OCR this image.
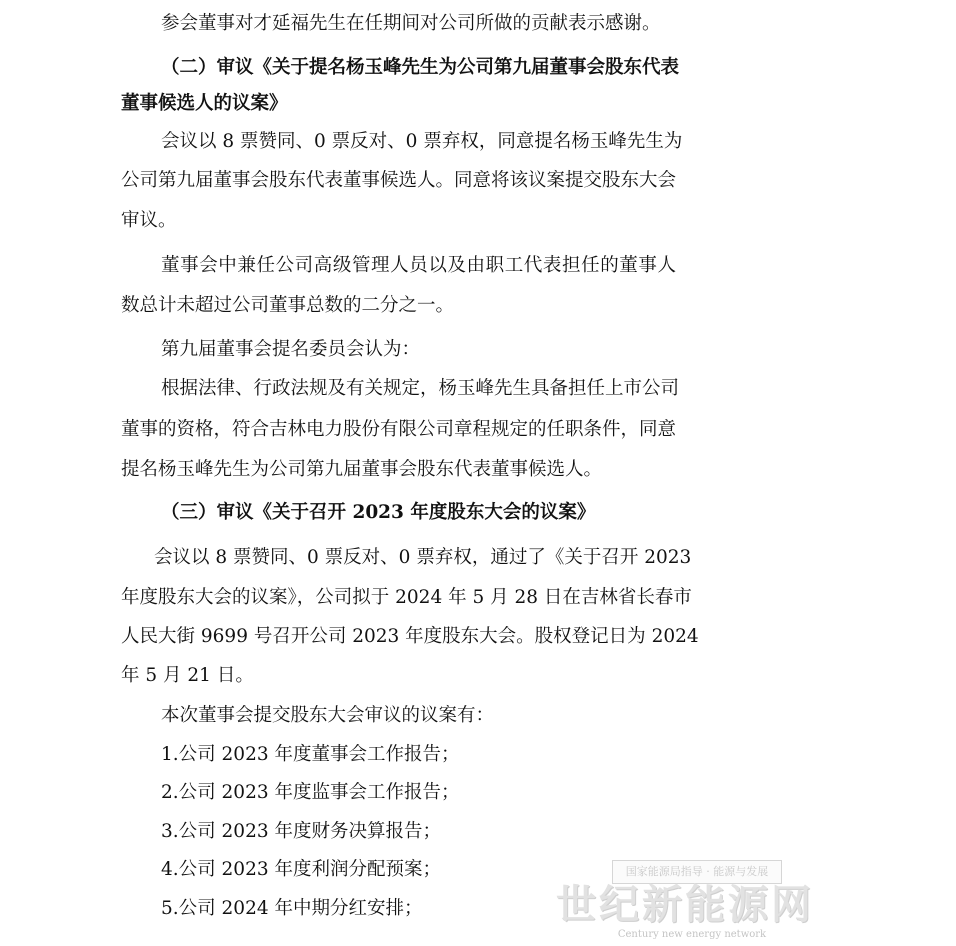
参会董事对才延福先生在任期间对公司所做的贡献表示感谢。

（二）审议《关于提名杨玉峰先生为公司第九届董事会股东代表

董事候选人的议案》

会议以 8 票赞同、0 票反对、0 票弃权，同意提名杨玉峰先生为

公司第九届董事会股东代表董事候选人。同意将该议案提交股东大会

审议。

董事会中兼任公司高级管理人员以及由职工代表担任的董事人

数总计未超过公司董事总数的二分之一。

第九届董事会提名委员会认为：

根据法律、行政法规及有关规定，杨玉峰先生具备担任上市公司

董事的资格，符合吉林电力股份有限公司章程规定的任职条件，同意

提名杨玉峰先生为公司第九届董事会股东代表董事候选人。

（三）审议《关于召开 2023 年度股东大会的议案》

会议以 8 票赞同、0 票反对、0 票弃权，通过了《关于召开 2023

年度股东大会的议案》，公司拟于 2024 年 5 月 28 日在吉林省长春市

人民大街 9699 号召开公司 2023 年度股东大会。股权登记日为 2024

年 5 月 21 日。

本次董事会提交股东大会审议的议案有：

1.公司 2023 年度董事会工作报告；

2.公司 2023 年度监事会工作报告；

3.公司 2023 年度财务决算报告；

4.公司 2023 年度利润分配预案；

5.公司 2024 年中期分红安排；

国家能源局指导 · 能源与发展
世纪新能源网
Century new energy network
